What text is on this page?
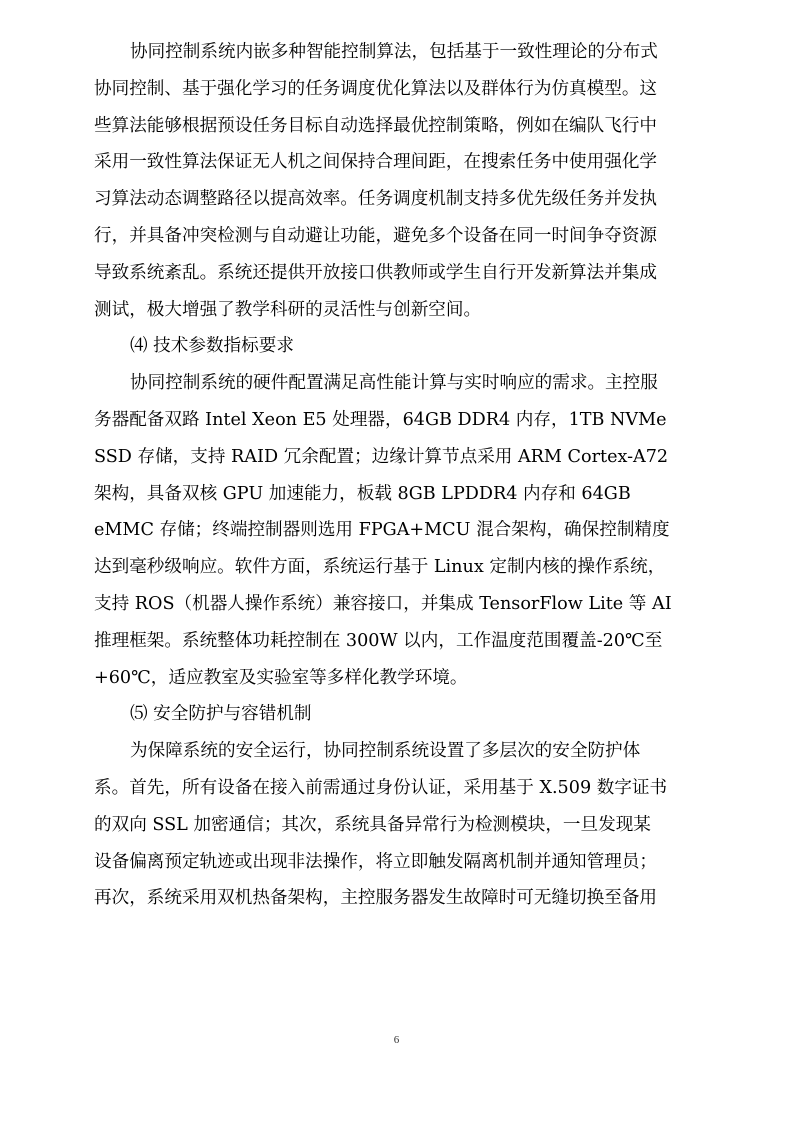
协同控制系统内嵌多种智能控制算法，包括基于一致性理论的分布式
协同控制、基于强化学习的任务调度优化算法以及群体行为仿真模型。这
些算法能够根据预设任务目标自动选择最优控制策略，例如在编队飞行中
采用一致性算法保证无人机之间保持合理间距，在搜索任务中使用强化学
习算法动态调整路径以提高效率。任务调度机制支持多优先级任务并发执
行，并具备冲突检测与自动避让功能，避免多个设备在同一时间争夺资源
导致系统紊乱。系统还提供开放接口供教师或学生自行开发新算法并集成
测试，极大增强了教学科研的灵活性与创新空间。
⑷ 技术参数指标要求
协同控制系统的硬件配置满足高性能计算与实时响应的需求。主控服
务器配备双路 Intel Xeon E5 处理器，64GB DDR4 内存，1TB NVMe
SSD 存储，支持 RAID 冗余配置；边缘计算节点采用 ARM Cortex-A72
架构，具备双核 GPU 加速能力，板载 8GB LPDDR4 内存和 64GB
eMMC 存储；终端控制器则选用 FPGA+MCU 混合架构，确保控制精度
达到毫秒级响应。软件方面，系统运行基于 Linux 定制内核的操作系统，
支持 ROS（机器人操作系统）兼容接口，并集成 TensorFlow Lite 等 AI
推理框架。系统整体功耗控制在 300W 以内，工作温度范围覆盖-20℃至
+60℃，适应教室及实验室等多样化教学环境。
⑸ 安全防护与容错机制
为保障系统的安全运行，协同控制系统设置了多层次的安全防护体
系。首先，所有设备在接入前需通过身份认证，采用基于 X.509 数字证书
的双向 SSL 加密通信；其次，系统具备异常行为检测模块，一旦发现某
设备偏离预定轨迹或出现非法操作，将立即触发隔离机制并通知管理员；
再次，系统采用双机热备架构，主控服务器发生故障时可无缝切换至备用
6
